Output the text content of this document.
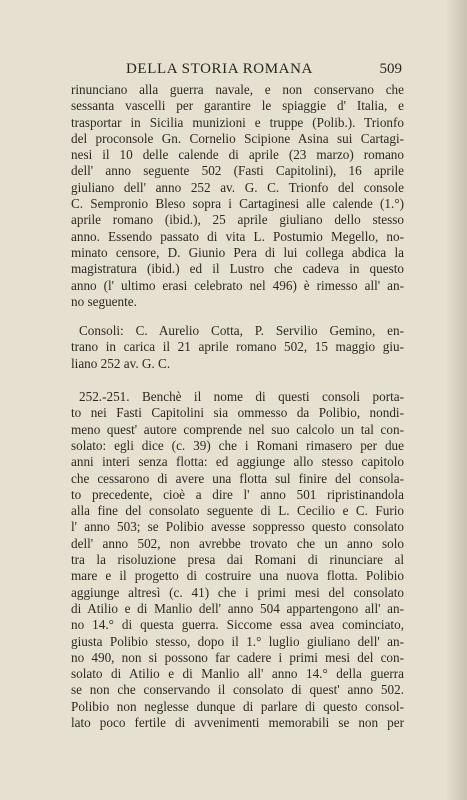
DELLA STORIA ROMANA	509
rinunciano alla guerra navale, e non conservano che
sessanta vascelli per garantire le spiaggie d' Italia, e
trasportar in Sicilia munizioni e truppe (Polib.). Trionfo
del proconsole Gn. Cornelio Scipione Asina sui Cartagi-
nesi il 10 delle calende di aprile (23 marzo) romano
dell' anno seguente 502 (Fasti Capitolini), 16 aprile
giuliano dell' anno 252 av. G. C. Trionfo del console
C. Sempronio Bleso sopra i Cartaginesi alle calende (1.°)
aprile romano (ibid.), 25 aprile giuliano dello stesso
anno. Essendo passato di vita L. Postumio Megello, no-
minato censore, D. Giunio Pera di lui collega abdica la
magistratura (ibid.) ed il Lustro che cadeva in questo
anno (l' ultimo erasi celebrato nel 496) è rimesso all' an-
no seguente.
Consoli: C. Aurelio Cotta, P. Servilio Gemino, en-
trano in carica il 21 aprile romano 502, 15 maggio giu-
liano 252 av. G. C.
252.-251. Benchè il nome di questi consoli porta-
to nei Fasti Capitolini sia ommesso da Polibio, nondi-
meno quest' autore comprende nel suo calcolo un tal con-
solato: egli dice (c. 39) che i Romani rimasero per due
anni interi senza flotta: ed aggiunge allo stesso capitolo
che cessarono di avere una flotta sul finire del consola-
to precedente, cioè a dire l' anno 501 ripristinandola
alla fine del consolato seguente di L. Cecilio e C. Furio
l' anno 503; se Polibio avesse soppresso questo consolato
dell' anno 502, non avrebbe trovato che un anno solo
tra la risoluzione presa dai Romani di rinunciare al
mare e il progetto di costruire una nuova flotta. Polibio
aggiunge altresì (c. 41) che i primi mesi del consolato
di Atilio e di Manlio dell' anno 504 appartengono all' an-
no 14.° di questa guerra. Siccome essa avea cominciato,
giusta Polibio stesso, dopo il 1.° luglio giuliano dell' an-
no 490, non si possono far cadere i primi mesi del con-
solato di Atilio e di Manlio all' anno 14.° della guerra
se non che conservando il consolato di quest' anno 502.
Polibio non neglesse dunque di parlare di questo consol-
lato poco fertile di avvenimenti memorabili se non per
